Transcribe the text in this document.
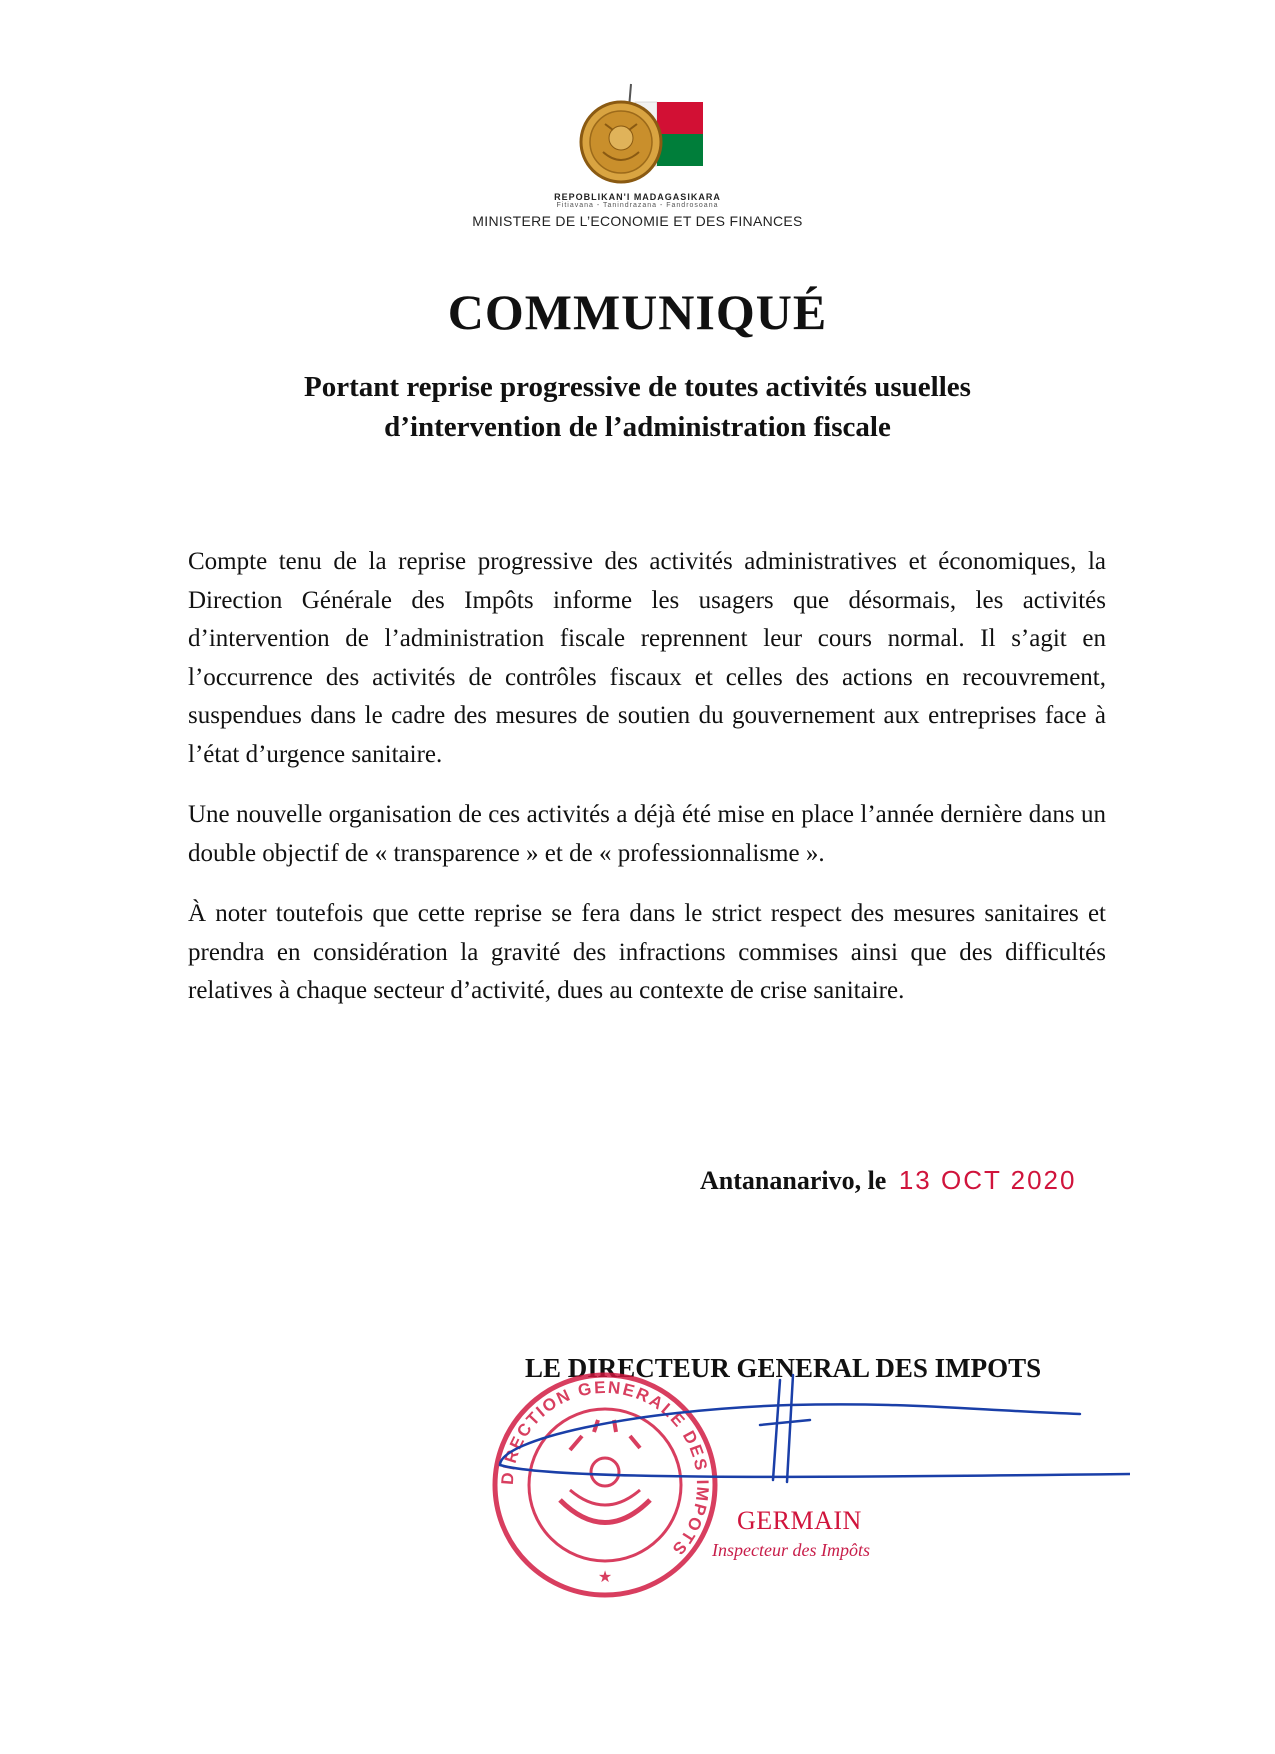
REPOBLIKAN'I MADAGASIKARA
Fitiavana - Tanindrazana - Fandrosoana
MINISTERE DE L’ECONOMIE ET DES FINANCES
COMMUNIQUÉ
Portant reprise progressive de toutes activités usuelles
d’intervention de l’administration fiscale

Compte tenu de la reprise progressive des activités administratives et économiques, la Direction Générale des Impôts informe les usagers que désormais, les activités d’intervention de l’administration fiscale reprennent leur cours normal. Il s’agit en l’occurrence des activités de contrôles fiscaux et celles des actions en recouvrement, suspendues dans le cadre des mesures de soutien du gouvernement aux entreprises face à l’état d’urgence sanitaire.

Une nouvelle organisation de ces activités a déjà été mise en place l’année dernière dans un double objectif de « transparence » et de « professionnalisme ».

À noter toutefois que cette reprise se fera dans le strict respect des mesures sanitaires et prendra en considération la gravité des infractions commises ainsi que des difficultés relatives à chaque secteur d’activité, dues au contexte de crise sanitaire.

Antananarivo, le 13 OCT 2020
LE DIRECTEUR GENERAL DES IMPOTS
DIRECTION GENERALE DES IMPOTS
★
GERMAIN
Inspecteur des Impôts
